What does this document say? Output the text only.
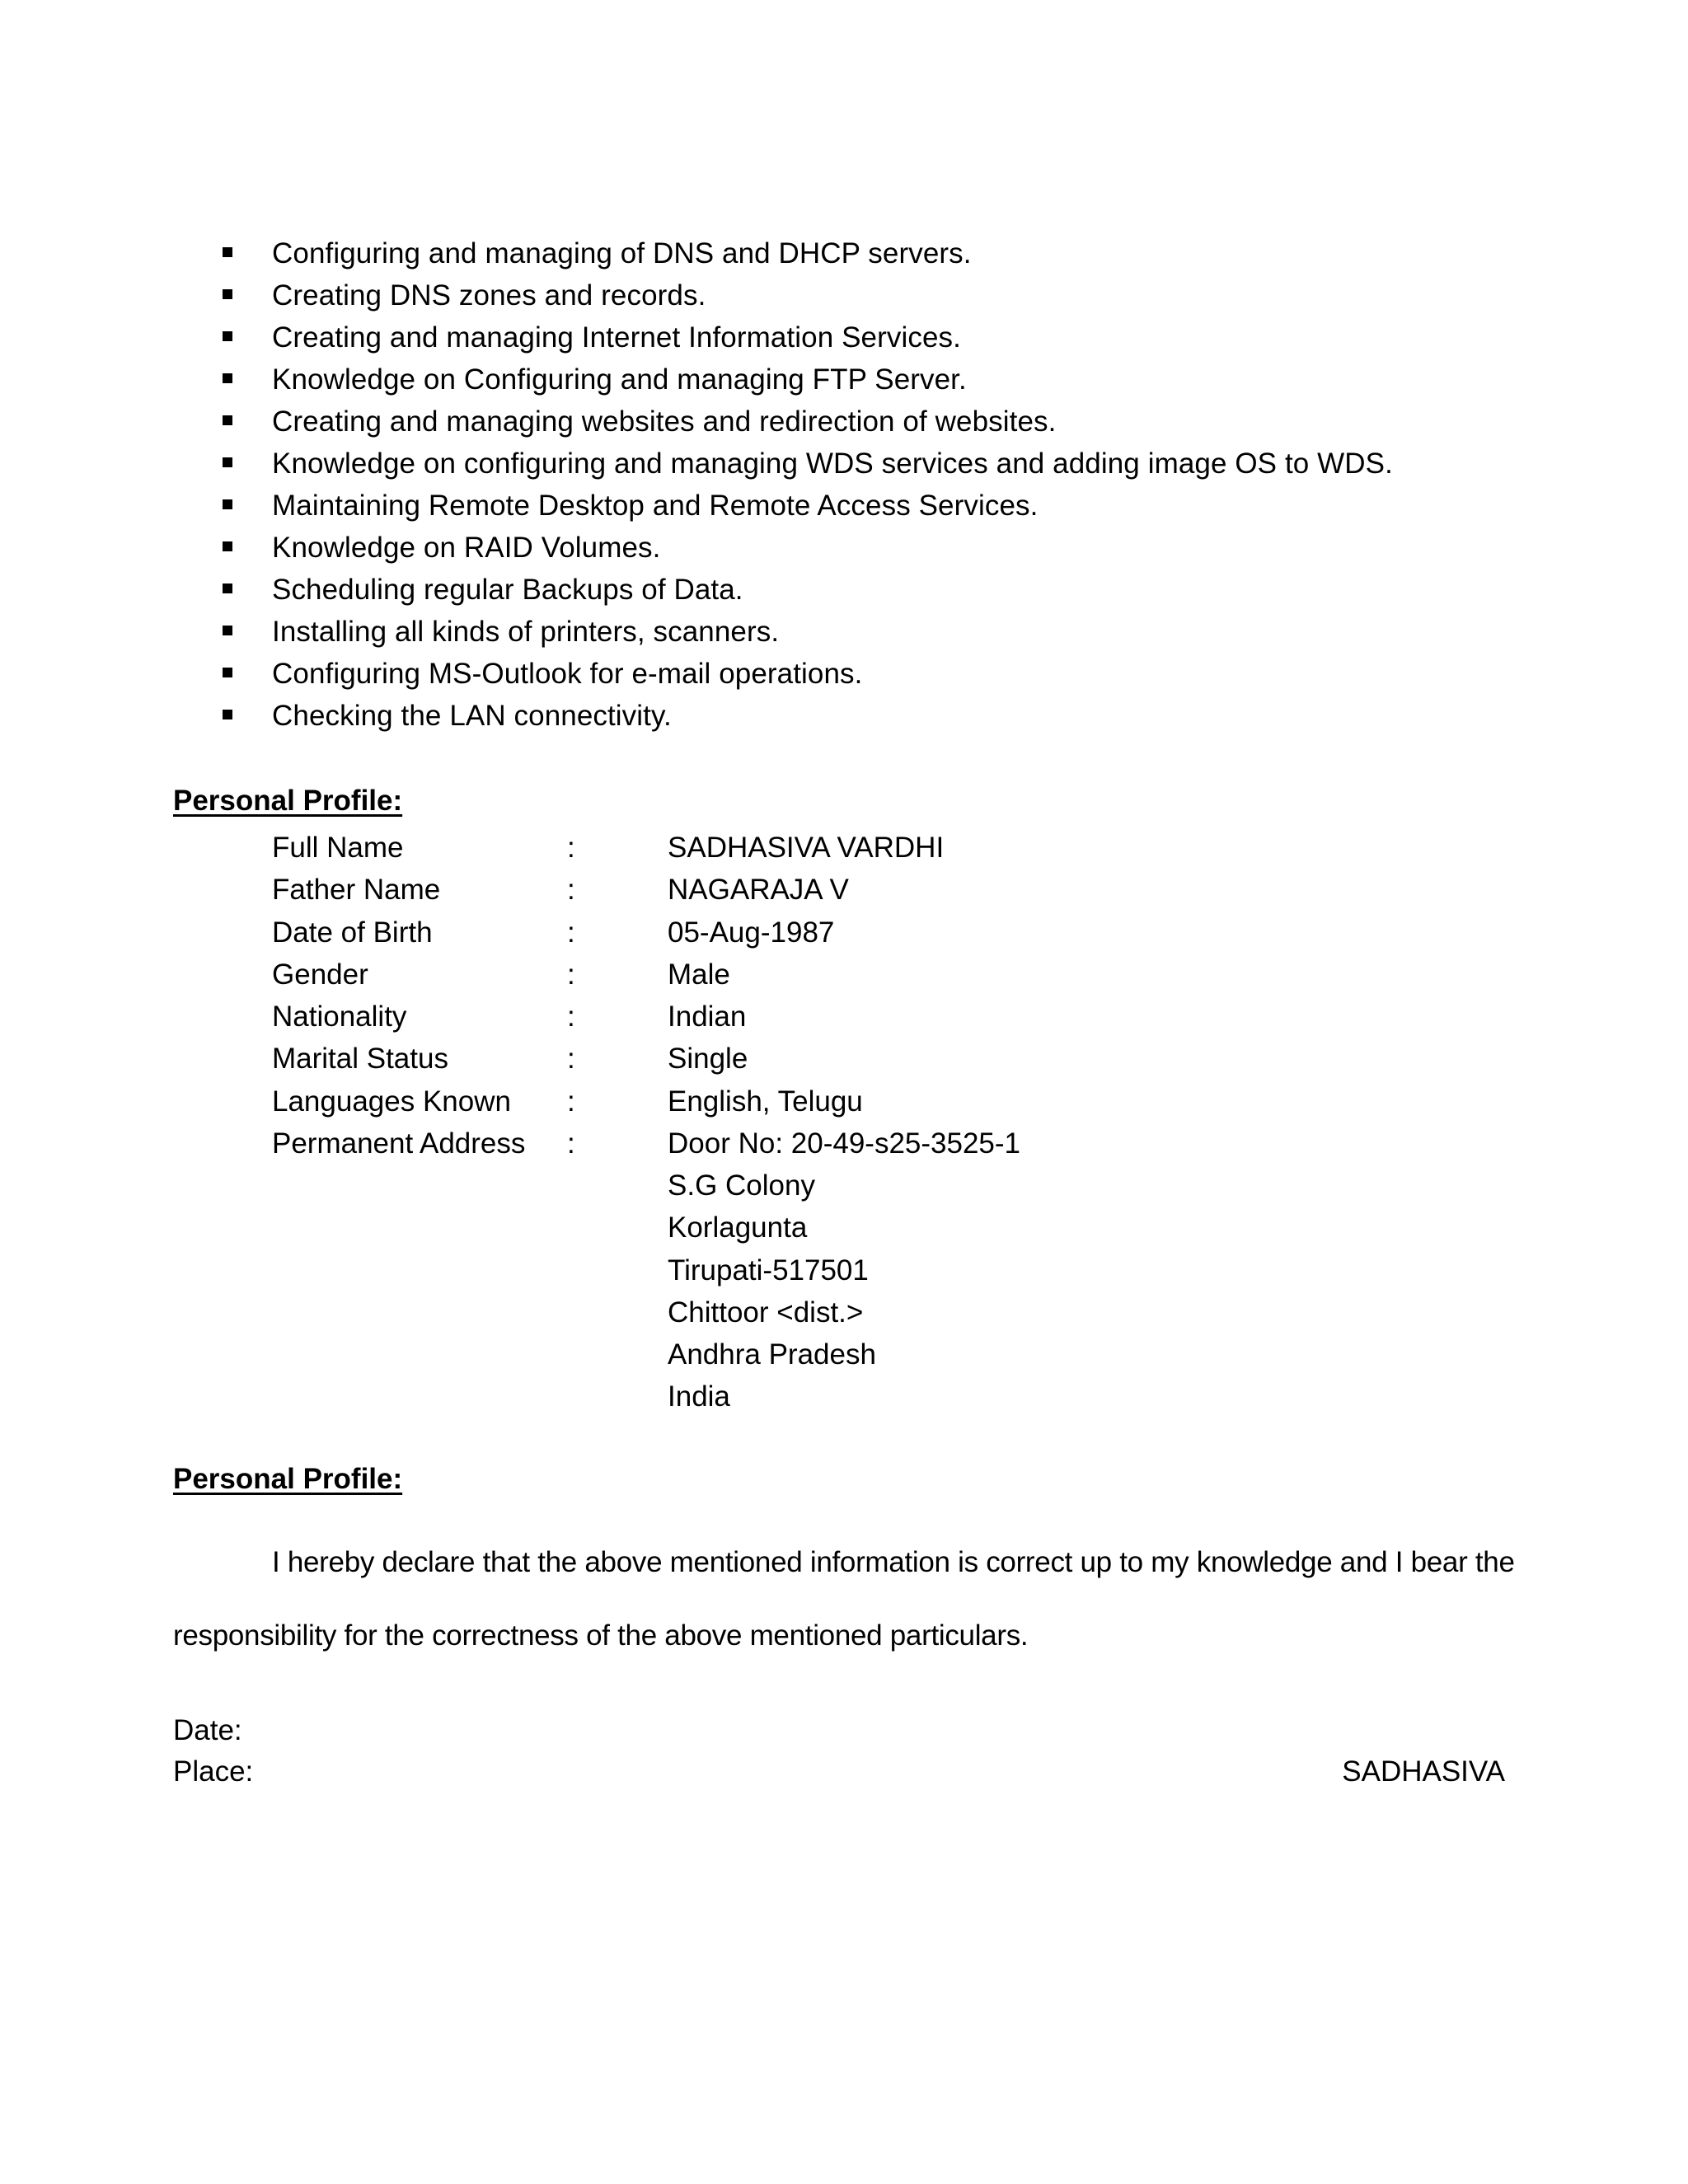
Configuring and managing of DNS and DHCP servers.
Creating DNS zones and records.
Creating and managing Internet Information Services.
Knowledge on Configuring and managing FTP Server.
Creating and managing websites and redirection of websites.
Knowledge on configuring and managing WDS services and adding image OS to WDS.
Maintaining Remote Desktop and Remote Access Services.
Knowledge on RAID Volumes.
Scheduling regular Backups of Data.
Installing all kinds of printers, scanners.
Configuring MS-Outlook for e-mail operations.
Checking the LAN connectivity.
Personal Profile:
Full Name	:	SADHASIVA VARDHI
Father Name	:	NAGARAJA V
Date of Birth	:	05-Aug-1987
Gender	:	Male
Nationality	:	Indian
Marital Status	:	Single
Languages Known :	English, Telugu
Permanent Address :	Door No: 20-49-s25-3525-1
S.G Colony
Korlagunta
Tirupati-517501
Chittoor <dist.>
Andhra Pradesh
India
Personal Profile:
I hereby declare that the above mentioned information is correct up to my knowledge and I bear the
responsibility for the correctness of the above mentioned particulars.
Date:
Place:	SADHASIVA
